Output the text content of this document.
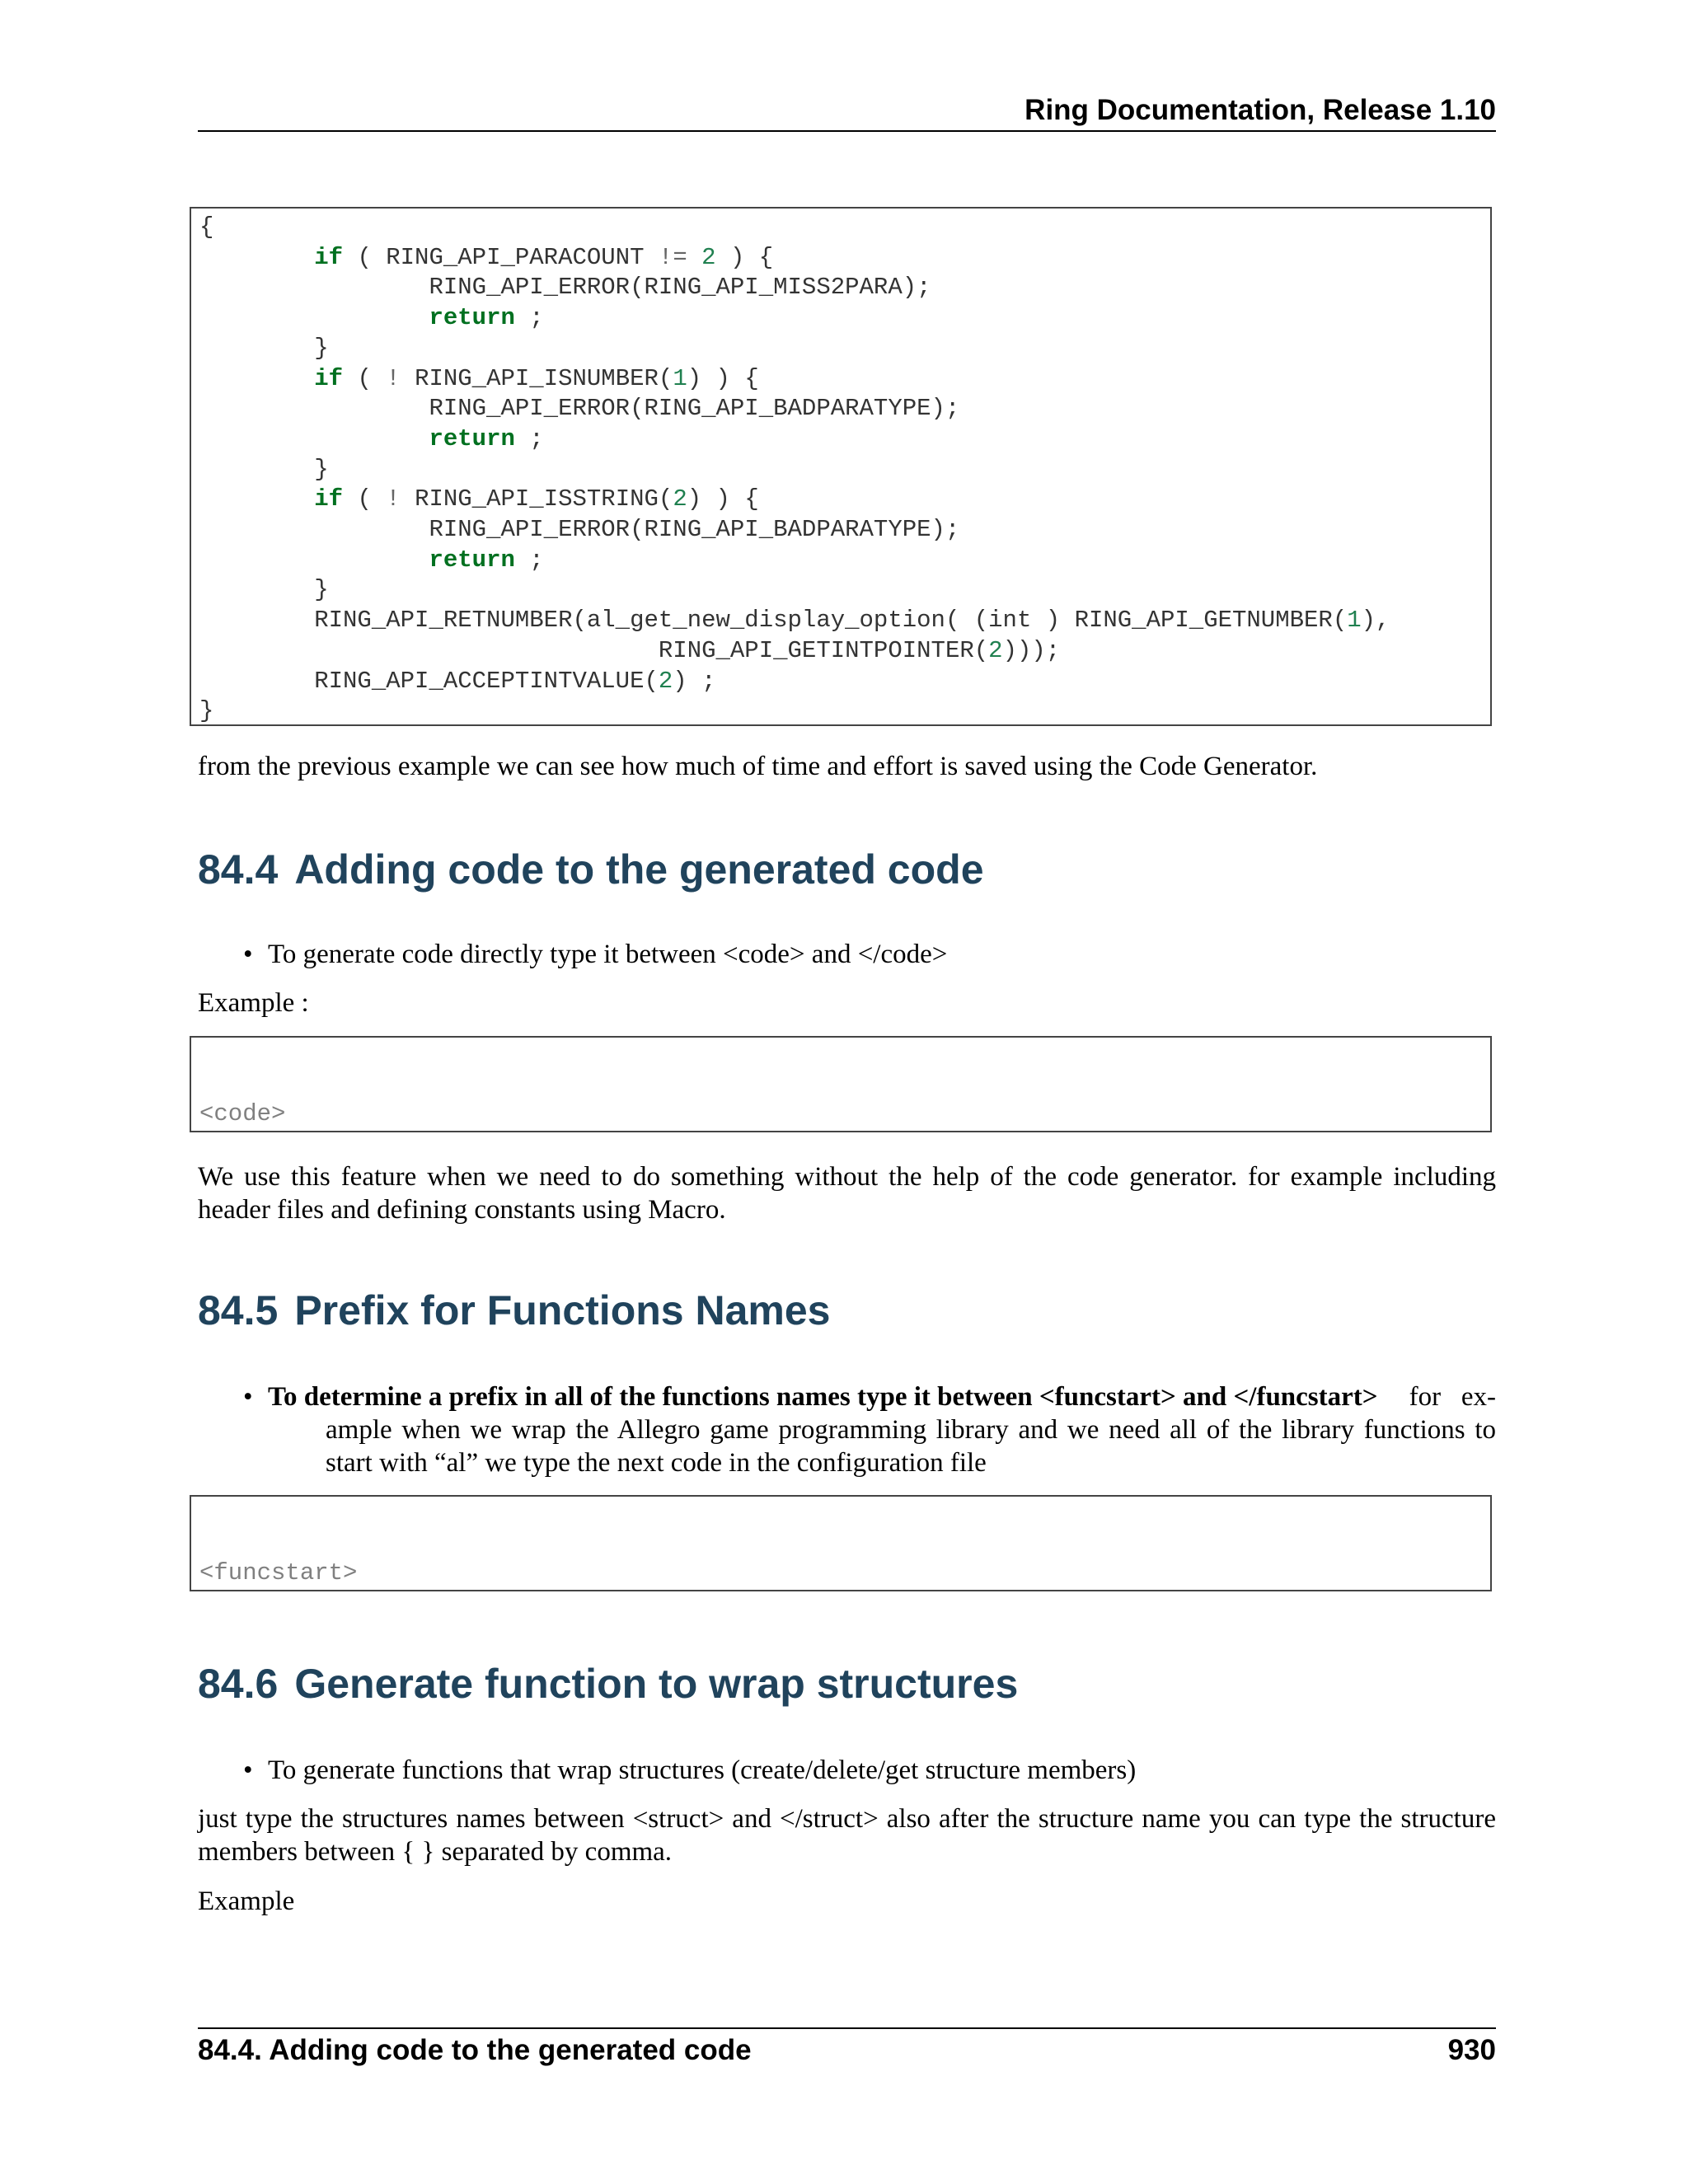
Ring Documentation, Release 1.10
{
if ( RING_API_PARACOUNT != 2 ) {
RING_API_ERROR(RING_API_MISS2PARA);
return ;
}
if ( ! RING_API_ISNUMBER(1) ) {
RING_API_ERROR(RING_API_BADPARATYPE);
return ;
}
if ( ! RING_API_ISSTRING(2) ) {
RING_API_ERROR(RING_API_BADPARATYPE);
return ;
}
RING_API_RETNUMBER(al_get_new_display_option( (int ) RING_API_GETNUMBER(1),
RING_API_GETINTPOINTER(2)));
RING_API_ACCEPTINTVALUE(2) ;
}
from the previous example we can see how much of time and effort is saved using the Code Generator.
84.4 Adding code to the generated code
• To generate code directly type it between <code> and </code>
Example :

<code>

We use this feature when we need to do something without the help of the code generator. for example including header files and defining constants using Macro.
84.5 Prefix for Functions Names
• To determine a prefix in all of the functions names type it between <funcstart> and </funcstart> for   ex-
ample when we wrap the Allegro game programming library and we need all of the library functions to start with “al” we type the next code in the configuration file

<funcstart>

84.6 Generate function to wrap structures
• To generate functions that wrap structures (create/delete/get structure members)
just type the structures names between <struct> and </struct> also after the structure name you can type the structure members between { } separated by comma.
Example
84.4. Adding code to the generated code	930
